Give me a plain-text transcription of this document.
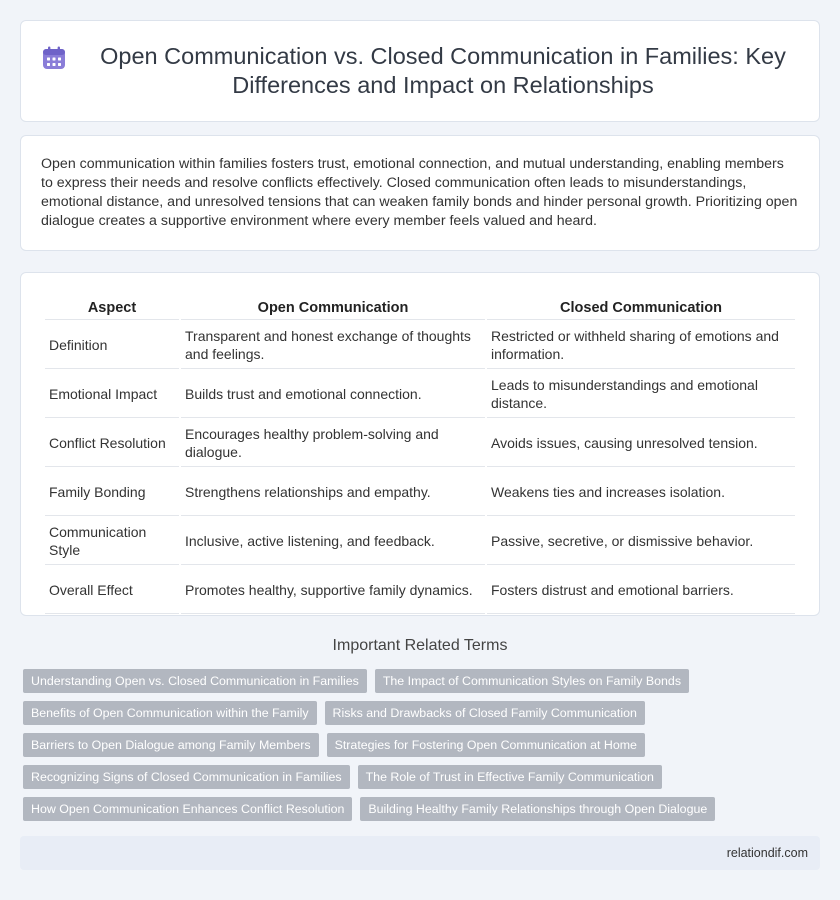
Open Communication vs. Closed Communication in Families: Key Differences and Impact on Relationships

Open communication within families fosters trust, emotional connection, and mutual understanding, enabling members to express their needs and resolve conflicts effectively. Closed communication often leads to misunderstandings, emotional distance, and unresolved tensions that can weaken family bonds and hinder personal growth. Prioritizing open dialogue creates a supportive environment where every member feels valued and heard.

Aspect	Open Communication	Closed Communication
Definition	Transparent and honest exchange of thoughts and feelings.	Restricted or withheld sharing of emotions and information.
Emotional Impact	Builds trust and emotional connection.	Leads to misunderstandings and emotional distance.
Conflict Resolution	Encourages healthy problem-solving and dialogue.	Avoids issues, causing unresolved tension.
Family Bonding	Strengthens relationships and empathy.	Weakens ties and increases isolation.
Communication Style	Inclusive, active listening, and feedback.	Passive, secretive, or dismissive behavior.
Overall Effect	Promotes healthy, supportive family dynamics.	Fosters distrust and emotional barriers.
Important Related Terms
Understanding Open vs. Closed Communication in Families	The Impact of Communication Styles on Family Bonds
Benefits of Open Communication within the Family	Risks and Drawbacks of Closed Family Communication
Barriers to Open Dialogue among Family Members	Strategies for Fostering Open Communication at Home
Recognizing Signs of Closed Communication in Families	The Role of Trust in Effective Family Communication
How Open Communication Enhances Conflict Resolution	Building Healthy Family Relationships through Open Dialogue
relationdif.com
